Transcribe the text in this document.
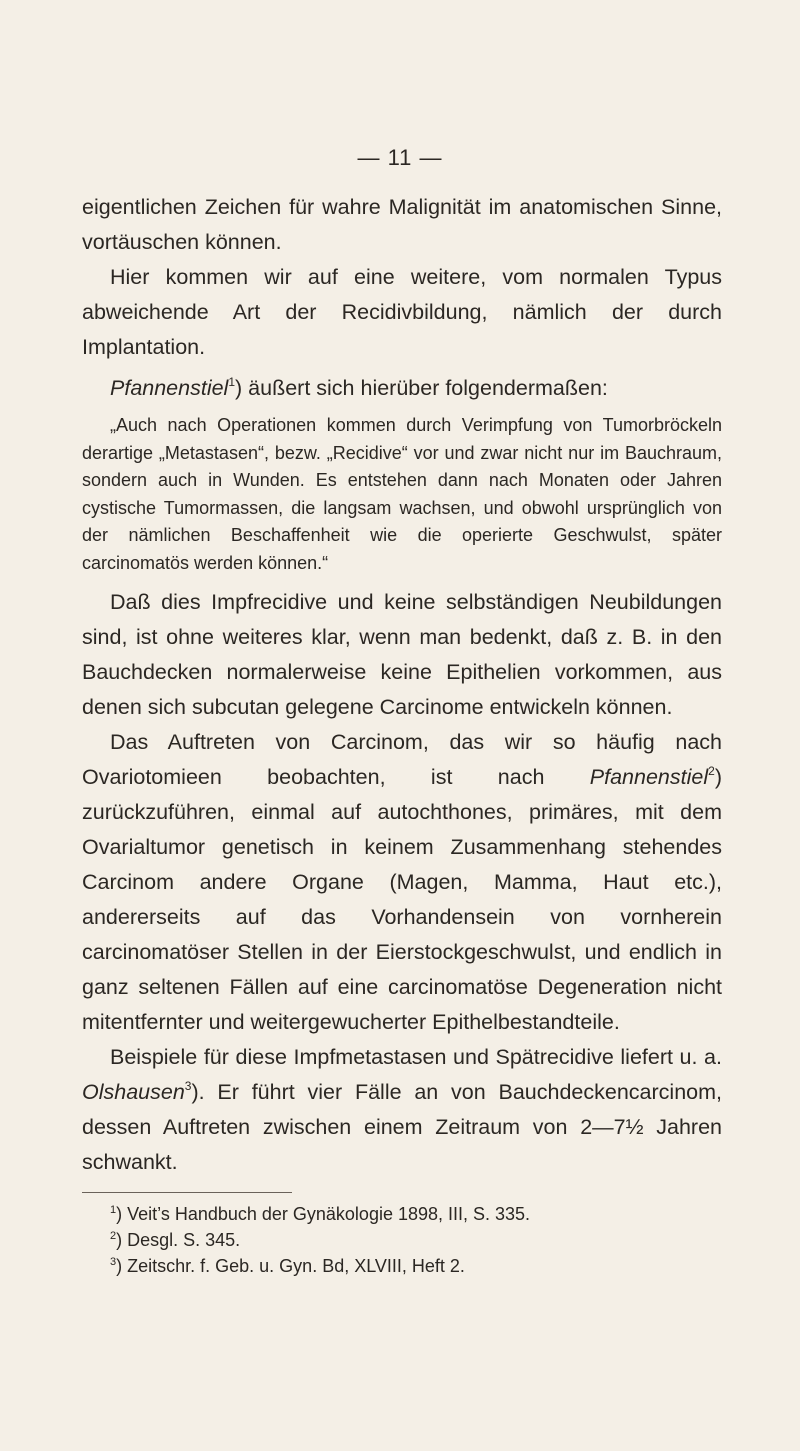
— 11 —

eigentlichen Zeichen für wahre Malignität im anatomischen Sinne, vortäuschen können.

Hier kommen wir auf eine weitere, vom normalen Typus abweichende Art der Recidivbildung, nämlich der durch Implantation.

Pfannenstiel$^1$) äußert sich hierüber folgendermaßen:

„Auch nach Operationen kommen durch Verimpfung von Tumorbröckeln derartige „Metastasen“, bezw. „Recidive“ vor und zwar nicht nur im Bauchraum, sondern auch in Wunden. Es entstehen dann nach Monaten oder Jahren cystische Tumormassen, die langsam wachsen, und obwohl ursprünglich von der nämlichen Beschaffenheit wie die operierte Geschwulst, später carcinomatös werden können.“

Daß dies Impfrecidive und keine selbständigen Neubildungen sind, ist ohne weiteres klar, wenn man bedenkt, daß z. B. in den Bauchdecken normalerweise keine Epithelien vorkommen, aus denen sich subcutan gelegene Carcinome entwickeln können.

Das Auftreten von Carcinom, das wir so häufig nach Ovariotomieen beobachten, ist nach Pfannenstiel$^2$) zurückzuführen, einmal auf autochthones, primäres, mit dem Ovarialtumor genetisch in keinem Zusammenhang stehendes Carcinom andere Organe (Magen, Mamma, Haut etc.), andererseits auf das Vorhandensein von vornherein carcinomatöser Stellen in der Eierstockgeschwulst, und endlich in ganz seltenen Fällen auf eine carcinomatöse Degeneration nicht mitentfernter und weitergewucherter Epithelbestandteile.

Beispiele für diese Impfmetastasen und Spätrecidive liefert u. a. Olshausen$^3$). Er führt vier Fälle an von Bauchdeckencarcinom, dessen Auftreten zwischen einem Zeitraum von 2—7½ Jahren schwankt.

$^1$) Veit’s Handbuch der Gynäkologie 1898, III, S. 335.

$^2$) Desgl. S. 345.

$^3$) Zeitschr. f. Geb. u. Gyn. Bd, XLVIII, Heft 2.
